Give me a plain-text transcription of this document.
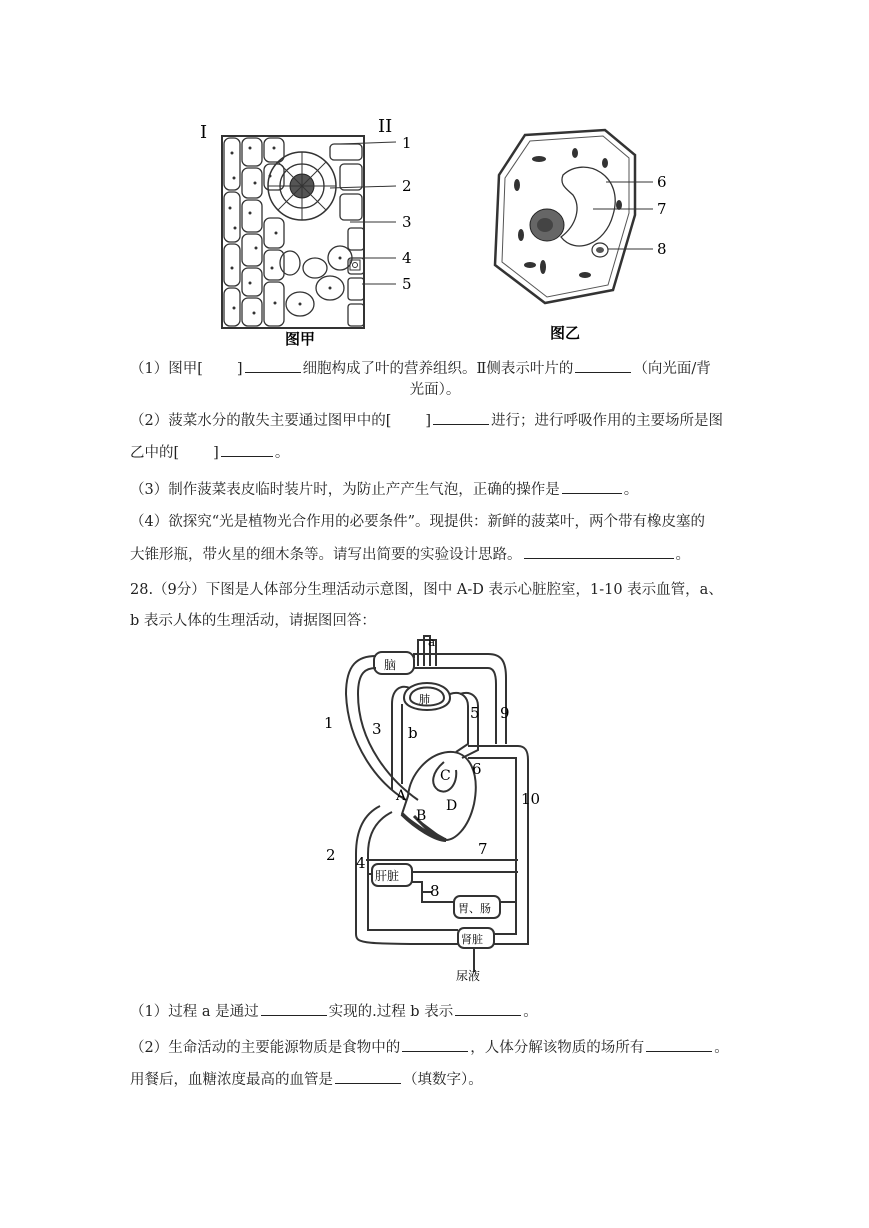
I	II
1
2
3
4
5
图甲
6
7
8
图乙
（1）图甲[ ]	细胞构成了叶的营养组织。Ⅱ侧表示叶片的	（向光面/背
光面）。
（2）菠菜水分的散失主要通过图甲中的[ ]	进行；进行呼吸作用的主要场所是图
乙中的[ ]	。
（3）制作菠菜表皮临时装片时，为防止产产生气泡，正确的操作是	。
（4）欲探究“光是植物光合作用的必要条件”。现提供：新鲜的菠菜叶，两个带有橡皮塞的
大锥形瓶，带火星的细木条等。请写出简要的实验设计思路。	。
28.（9分）下图是人体部分生理活动示意图，图中 A-D 表示心脏腔室，1-10 表示血管，a、
b 表示人体的生理活动，请据图回答：
脑
肺
a
b
肝脏
胃、肠
肾脏
尿液
A
B
C
D
1
2
3
4
5
6
7
8
9
10
（1）过程 a 是通过	实现的.过程 b 表示	。
（2）生命活动的主要能源物质是食物中的	，人体分解该物质的场所有	。
用餐后，血糖浓度最高的血管是	（填数字）。
